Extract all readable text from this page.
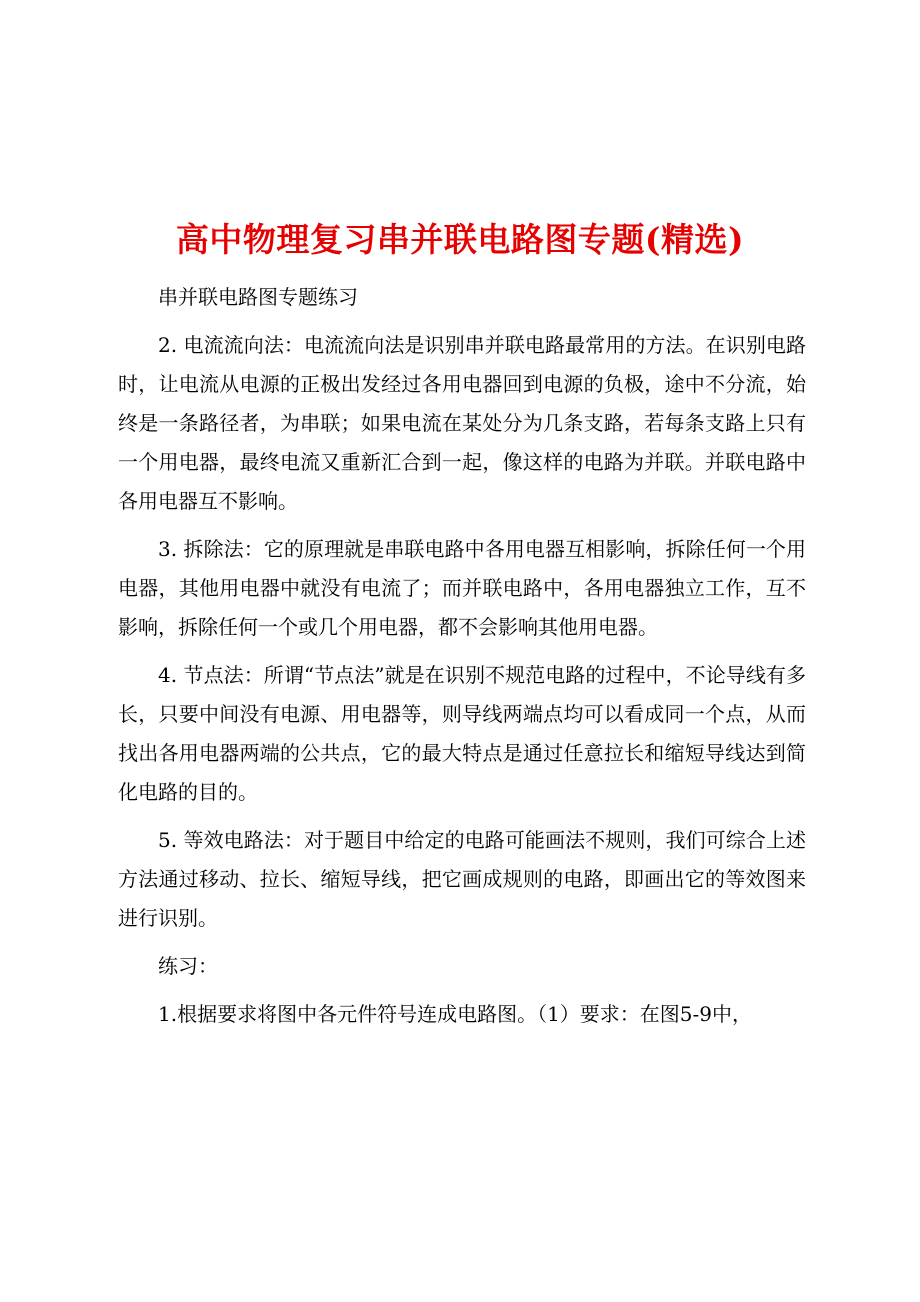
高中物理复习串并联电路图专题(精选)

串并联电路图专题练习

2. 电流流向法：电流流向法是识别串并联电路最常用的方法。在识别电路时，让电流从电源的正极出发经过各用电器回到电源的负极，途中不分流，始终是一条路径者，为串联；如果电流在某处分为几条支路，若每条支路上只有一个用电器，最终电流又重新汇合到一起，像这样的电路为并联。并联电路中各用电器互不影响。

3. 拆除法：它的原理就是串联电路中各用电器互相影响，拆除任何一个用电器，其他用电器中就没有电流了；而并联电路中，各用电器独立工作，互不影响，拆除任何一个或几个用电器，都不会影响其他用电器。

4. 节点法：所谓“节点法”就是在识别不规范电路的过程中，不论导线有多长，只要中间没有电源、用电器等，则导线两端点均可以看成同一个点，从而找出各用电器两端的公共点，它的最大特点是通过任意拉长和缩短导线达到简化电路的目的。

5. 等效电路法：对于题目中给定的电路可能画法不规则，我们可综合上述方法通过移动、拉长、缩短导线，把它画成规则的电路，即画出它的等效图来进行识别。

练习：

1.根据要求将图中各元件符号连成电路图。（1）要求：在图5-9中，
